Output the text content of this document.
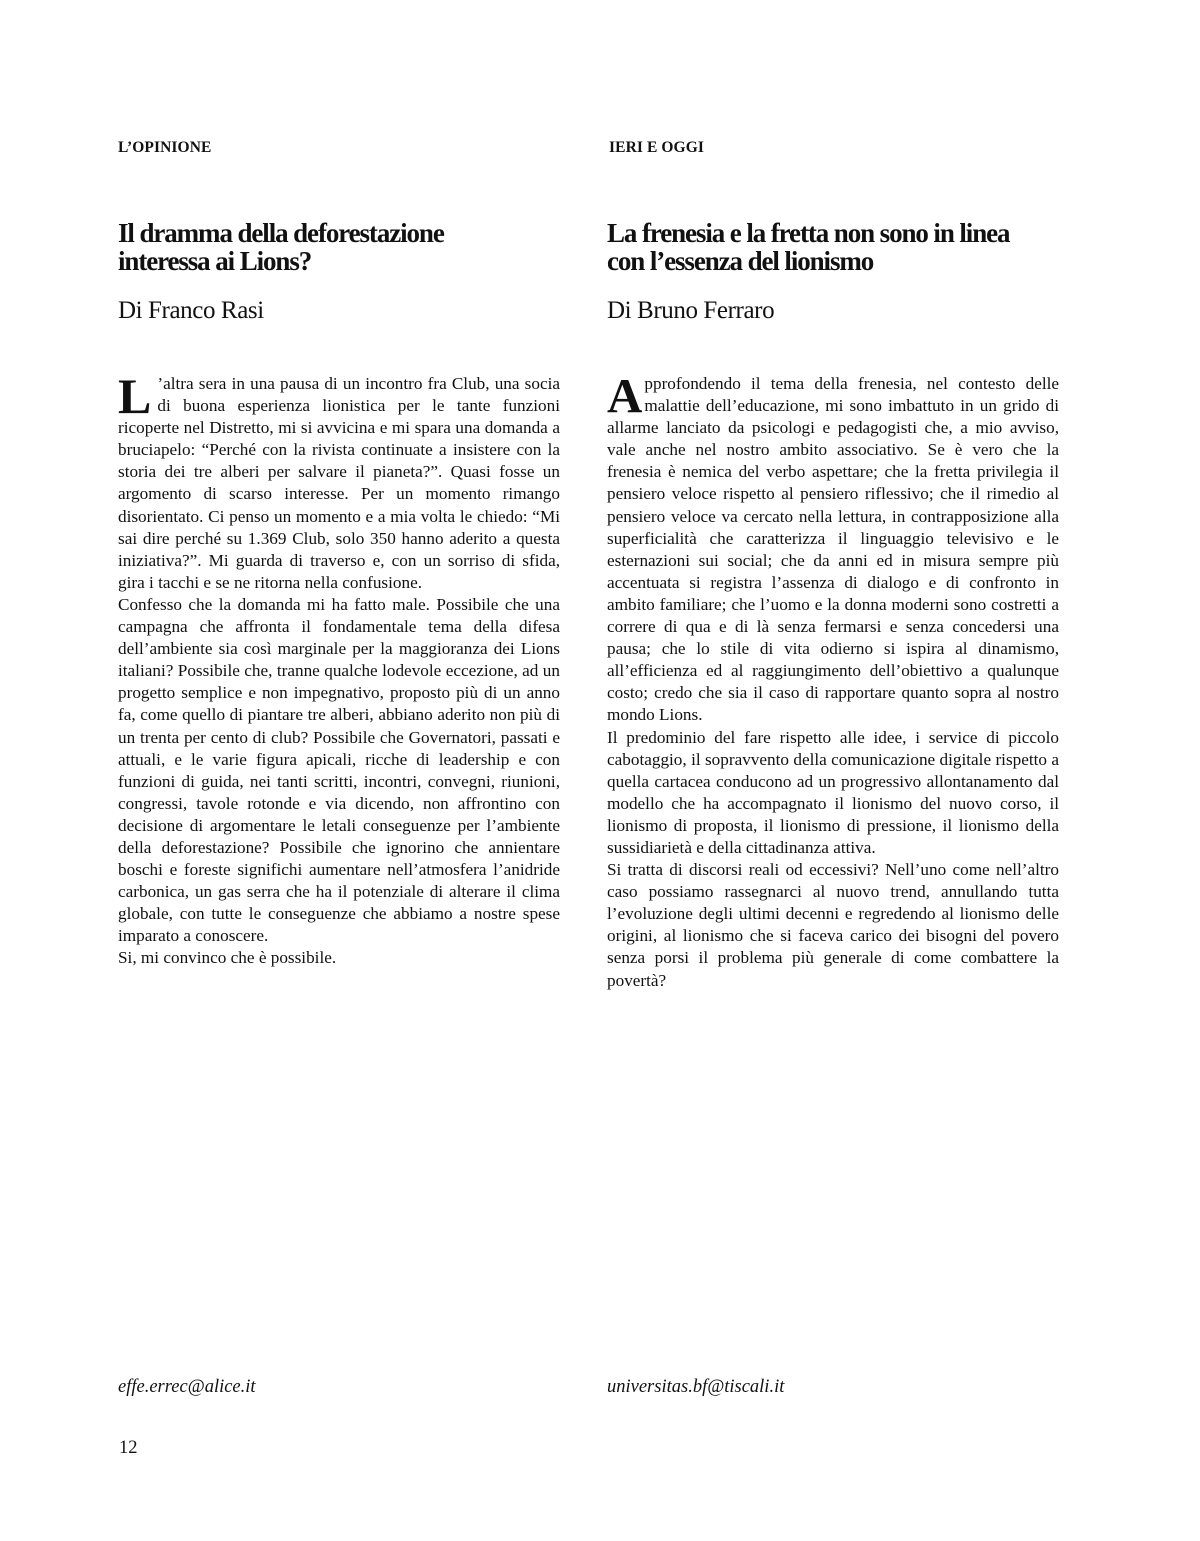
L’OPINIONE
Il dramma della deforestazione
interessa ai Lions?
Di Franco Rasi
L ’altra sera in una pausa di un incontro fra Club, una socia di buona esperienza lionistica per le tante funzioni ricoperte nel Distretto, mi si avvicina e mi spara una domanda a bruciapelo: “Perché con la rivista continuate a insistere con la storia dei tre alberi per salvare il pianeta?”. Quasi fosse un argomento di scarso interesse. Per un momento rimango disorientato. Ci penso un momento e a mia volta le chiedo: “Mi sai dire perché su 1.369 Club, solo 350 hanno aderito a questa iniziativa?”. Mi guarda di traverso e, con un sorriso di sfida, gira i tacchi e se ne ritorna nella confusione.

Confesso che la domanda mi ha fatto male. Possibile che una campagna che affronta il fondamentale tema della difesa dell’ambiente sia così marginale per la maggioranza dei Lions italiani? Possibile che, tranne qualche lodevole eccezione, ad un progetto semplice e non impegnativo, proposto più di un anno fa, come quello di piantare tre alberi, abbiano aderito non più di un trenta per cento di club? Possibile che Governatori, passati e attuali, e le varie figura apicali, ricche di leadership e con funzioni di guida, nei tanti scritti, incontri, convegni, riunioni, congressi, tavole rotonde e via dicendo, non affrontino con decisione di argomentare le letali conseguenze per l’ambiente della deforestazione? Possibile che ignorino che annientare boschi e foreste significhi aumentare nell’atmosfera l’anidride carbonica, un gas serra che ha il potenziale di alterare il clima globale, con tutte le conseguenze che abbiamo a nostre spese imparato a conoscere.

Si, mi convinco che è possibile.

effe.errec@alice.it
IERI E OGGI
La frenesia e la fretta non sono in linea
con l’essenza del lionismo
Di Bruno Ferraro
A pprofondendo il tema della frenesia, nel contesto delle malattie dell’educazione, mi sono imbattuto in un grido di allarme lanciato da psicologi e pedagogisti che, a mio avviso, vale anche nel nostro ambito associativo. Se è vero che la frenesia è nemica del verbo aspettare; che la fretta privilegia il pensiero veloce rispetto al pensiero riflessivo; che il rimedio al pensiero veloce va cercato nella lettura, in contrapposizione alla superficialità che caratterizza il linguaggio televisivo e le esternazioni sui social; che da anni ed in misura sempre più accentuata si registra l’assenza di dialogo e di confronto in ambito familiare; che l’uomo e la donna moderni sono costretti a correre di qua e di là senza fermarsi e senza concedersi una pausa; che lo stile di vita odierno si ispira al dinamismo, all’efficienza ed al raggiungimento dell’obiettivo a qualunque costo; credo che sia il caso di rapportare quanto sopra al nostro mondo Lions.

Il predominio del fare rispetto alle idee, i service di piccolo cabotaggio, il sopravvento della comunicazione digitale rispetto a quella cartacea conducono ad un progressivo allontanamento dal modello che ha accompagnato il lionismo del nuovo corso, il lionismo di proposta, il lionismo di pressione, il lionismo della sussidiarietà e della cittadinanza attiva.

Si tratta di discorsi reali od eccessivi? Nell’uno come nell’altro caso possiamo rassegnarci al nuovo trend, annullando tutta l’evoluzione degli ultimi decenni e regredendo al lionismo delle origini, al lionismo che si faceva carico dei bisogni del povero senza porsi il problema più generale di come combattere la povertà?

universitas.bf@tiscali.it
12
